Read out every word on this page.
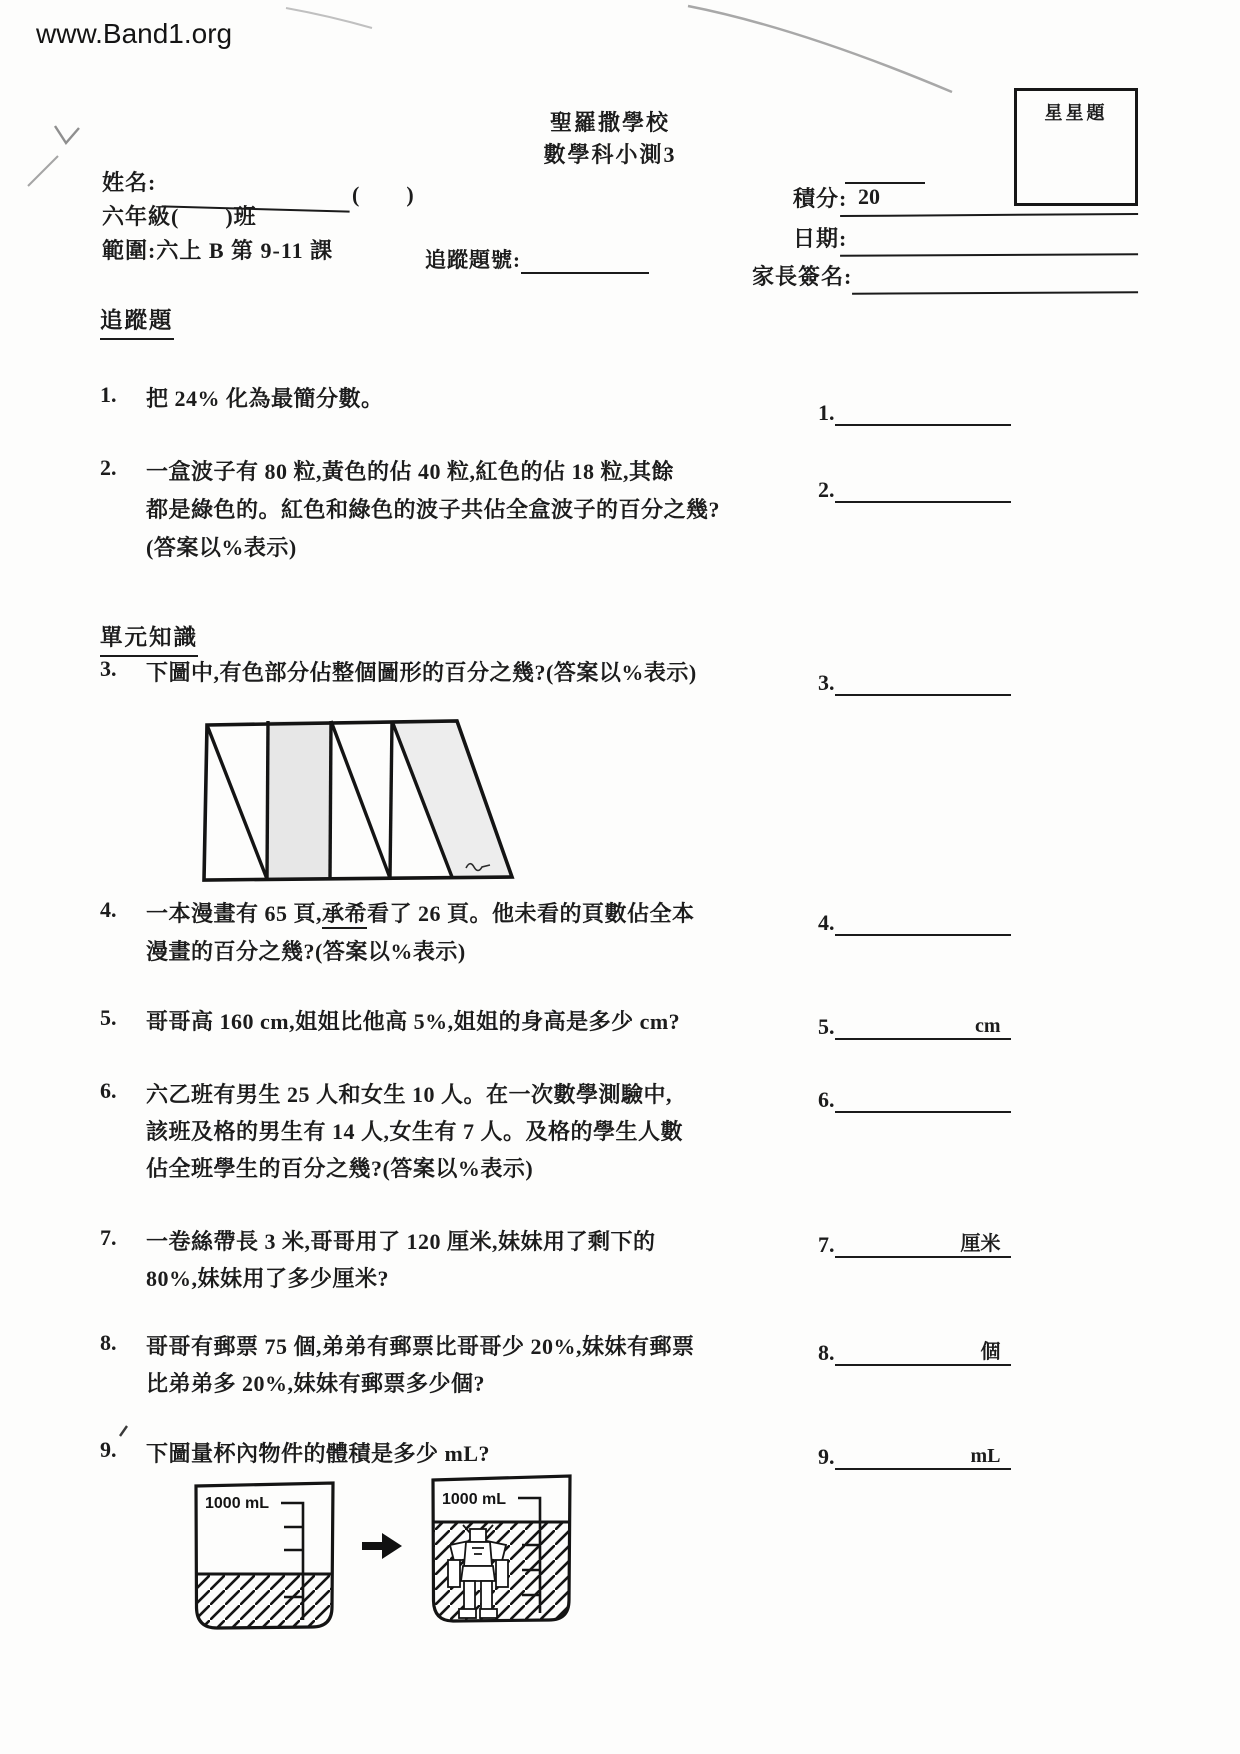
www.Band1.org
聖羅撒學校
數學科小測3
星星題
姓名:	(　　)
六年級(　　)班
範圍:六上 B 第 9-11 課	追蹤題號:
積分: 20
日期:
家長簽名:
追蹤題
1. 把 24% 化為最簡分數。
1.
2. 一盒波子有 80 粒,黃色的佔 40 粒,紅色的佔 18 粒,其餘
都是綠色的。紅色和綠色的波子共佔全盒波子的百分之幾?
(答案以%表示)
2.
單元知識
3. 下圖中,有色部分佔整個圖形的百分之幾?(答案以%表示)	3.
4. 一本漫畫有 65 頁,承希看了 26 頁。他未看的頁數佔全本
漫畫的百分之幾?(答案以%表示)
4.
5. 哥哥高 160 cm,姐姐比他高 5%,姐姐的身高是多少 cm?	5.	cm
6. 六乙班有男生 25 人和女生 10 人。在一次數學測驗中,
該班及格的男生有 14 人,女生有 7 人。及格的學生人數
佔全班學生的百分之幾?(答案以%表示)
6.
7. 一卷絲帶長 3 米,哥哥用了 120 厘米,妹妹用了剩下的
80%,妹妹用了多少厘米?
7.	厘米
8. 哥哥有郵票 75 個,弟弟有郵票比哥哥少 20%,妹妹有郵票
比弟弟多 20%,妹妹有郵票多少個?
8.	個
9. 下圖量杯內物件的體積是多少 mL?	9.	mL
1000 mL	1000 mL
